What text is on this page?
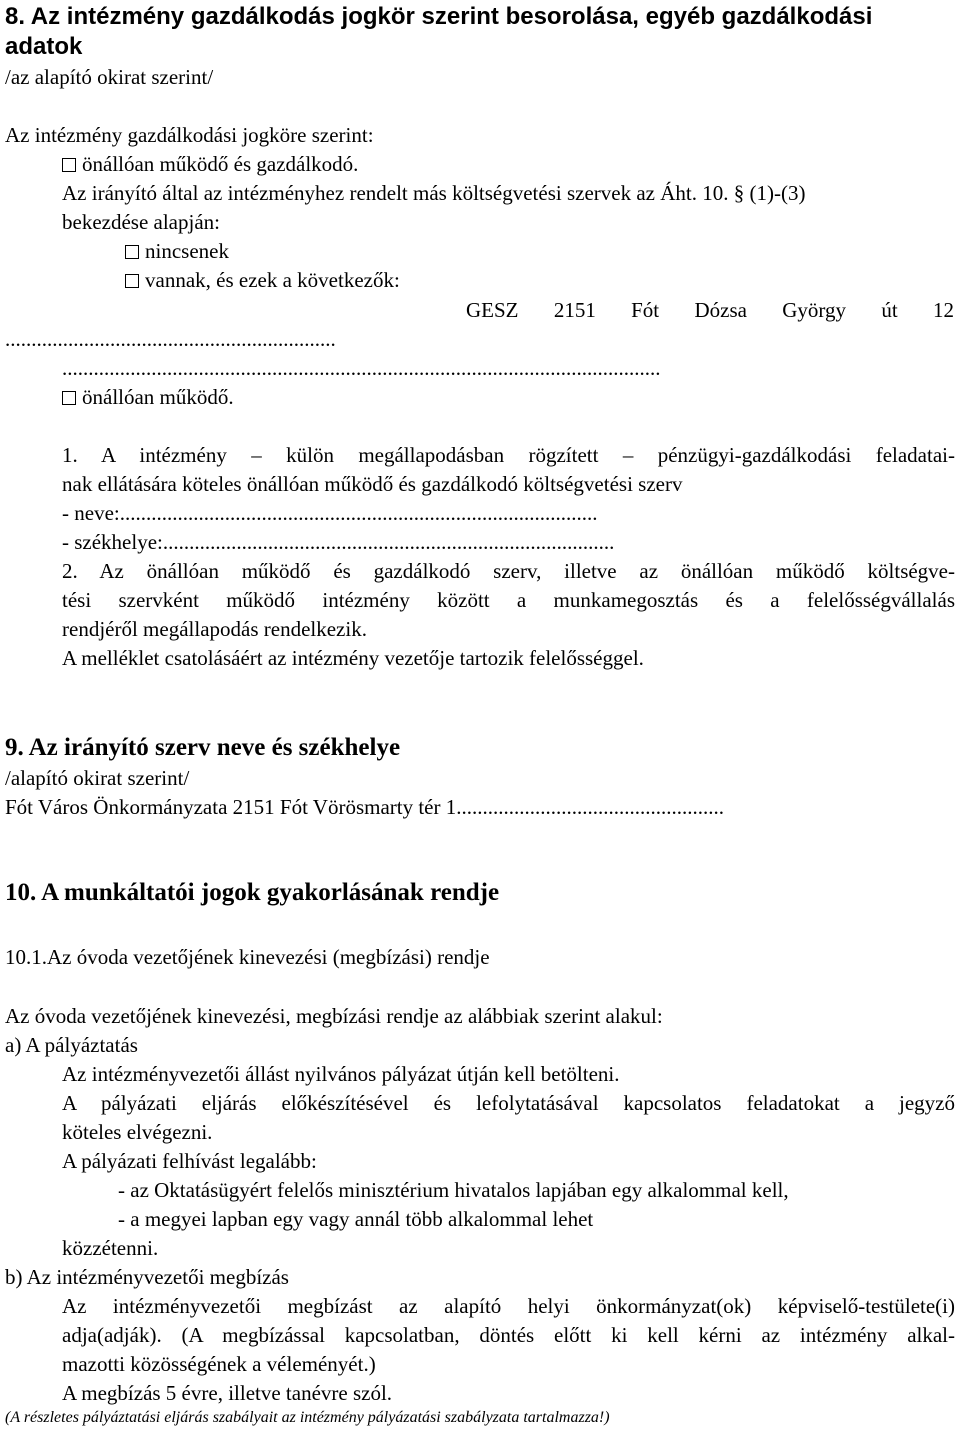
8. Az intézmény gazdálkodás jogkör szerint besorolása, egyéb gazdálkodási
adatok
/az alapító okirat szerint/
Az intézmény gazdálkodási jogköre szerint:
önállóan működő és gazdálkodó.
Az irányító által az intézményhez rendelt más költségvetési szervek az Áht. 10. § (1)-(3)
bekezdése alapján:
nincsenek
vannak, és ezek a következők:
GESZ 2151 Fót Dózsa György út 12
...............................................................
..................................................................................................................
önállóan működő.
1. A intézmény – külön megállapodásban rögzített – pénzügyi-gazdálkodási feladatai-
nak ellátására köteles önállóan működő és gazdálkodó költségvetési szerv
- neve:...........................................................................................
- székhelye:......................................................................................
2. Az önállóan működő és gazdálkodó szerv, illetve az önállóan működő költségve-
tési szervként működő intézmény között a munkamegosztás és a felelősségvállalás
rendjéről megállapodás rendelkezik.
A melléklet csatolásáért az intézmény vezetője tartozik felelősséggel.
9. Az irányító szerv neve és székhelye
/alapító okirat szerint/
Fót Város Önkormányzata 2151 Fót Vörösmarty tér 1...................................................
10. A munkáltatói jogok gyakorlásának rendje
10.1.Az óvoda vezetőjének kinevezési (megbízási) rendje
Az óvoda vezetőjének kinevezési, megbízási rendje az alábbiak szerint alakul:
a) A pályáztatás
Az intézményvezetői állást nyilvános pályázat útján kell betölteni.
A pályázati eljárás előkészítésével és lefolytatásával kapcsolatos feladatokat a jegyző
köteles elvégezni.
A pályázati felhívást legalább:
- az Oktatásügyért felelős minisztérium hivatalos lapjában egy alkalommal kell,
- a megyei lapban egy vagy annál több alkalommal lehet
közzétenni.
b) Az intézményvezetői megbízás
Az intézményvezetői megbízást az alapító helyi önkormányzat(ok) képviselő-testülete(i)
adja(adják). (A megbízással kapcsolatban, döntés előtt ki kell kérni az intézmény alkal-
mazotti közösségének a véleményét.)
A megbízás 5 évre, illetve tanévre szól.
(A részletes pályáztatási eljárás szabályait az intézmény pályázatási szabályzata tartalmazza!)
